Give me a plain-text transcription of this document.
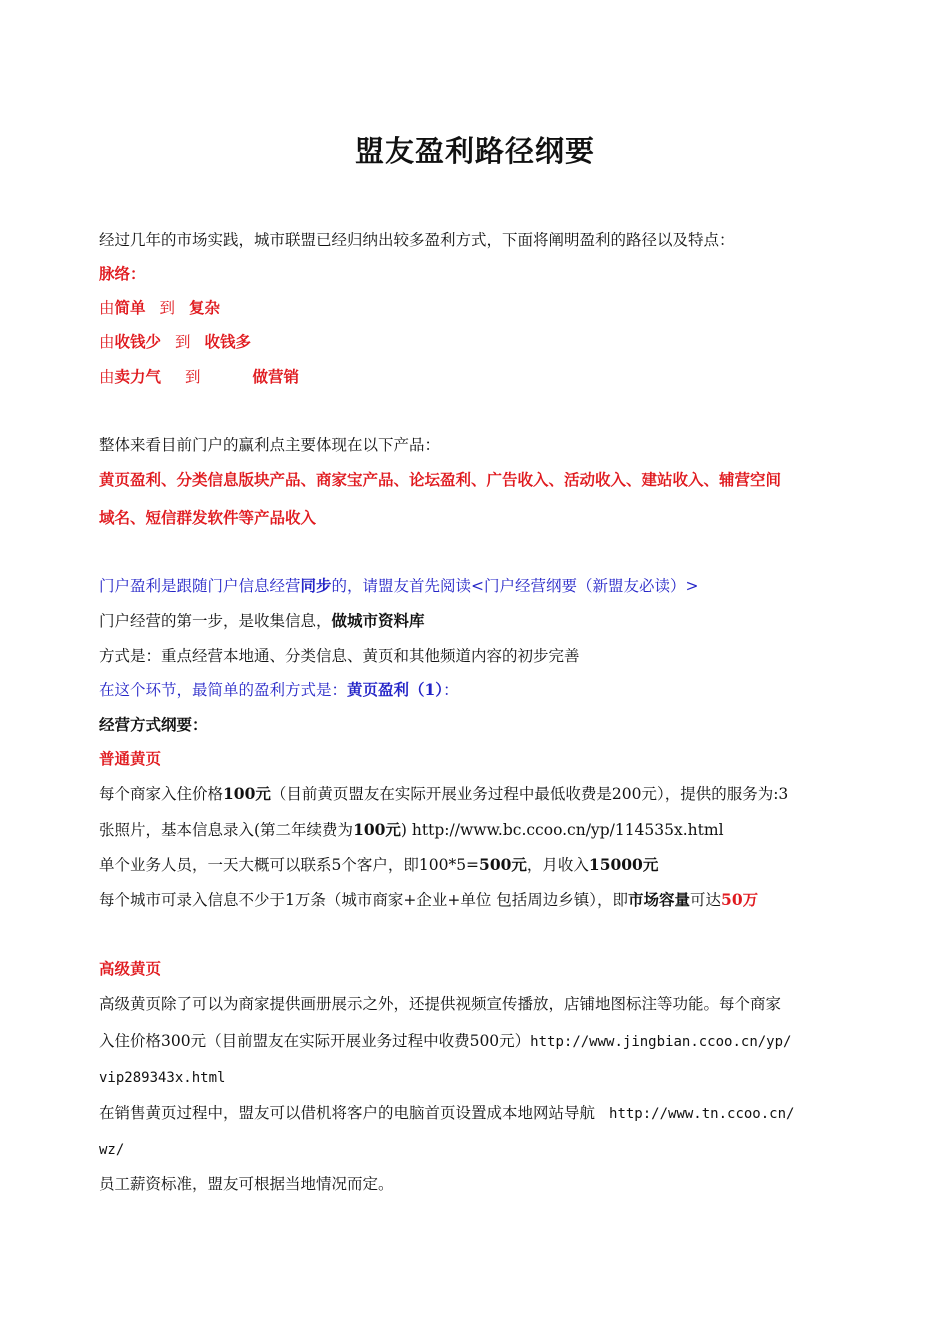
盟友盈利路径纲要
经过几年的市场实践，城市联盟已经归纳出较多盈利方式，下面将阐明盈利的路径以及特点：
脉络：
由简单 到 复杂
由收钱少 到 收钱多
由卖力气 到	做营销
整体来看目前门户的赢利点主要体现在以下产品：
黄页盈利、分类信息版块产品、商家宝产品、论坛盈利、广告收入、活动收入、建站收入、辅营空间
域名、短信群发软件等产品收入
门户盈利是跟随门户信息经营同步的，请盟友首先阅读<门户经营纲要（新盟友必读）>
门户经营的第一步，是收集信息，做城市资料库
方式是：重点经营本地通、分类信息、黄页和其他频道内容的初步完善
在这个环节，最简单的盈利方式是：黄页盈利（1）：
经营方式纲要：
普通黄页
每个商家入住价格100元（目前黄页盟友在实际开展业务过程中最低收费是200元），提供的服务为:3
张照片，基本信息录入(第二年续费为100元) http://www.bc.ccoo.cn/yp/114535x.html
单个业务人员，一天大概可以联系5个客户，即100*5=500元，月收入15000元
每个城市可录入信息不少于1万条（城市商家+企业+单位 包括周边乡镇），即市场容量可达50万
高级黄页
高级黄页除了可以为商家提供画册展示之外，还提供视频宣传播放，店铺地图标注等功能。每个商家
入住价格300元（目前盟友在实际开展业务过程中收费500元）http://www.jingbian.ccoo.cn/yp/
vip289343x.html
在销售黄页过程中，盟友可以借机将客户的电脑首页设置成本地网站导航 http://www.tn.ccoo.cn/
wz/
员工薪资标准，盟友可根据当地情况而定。
